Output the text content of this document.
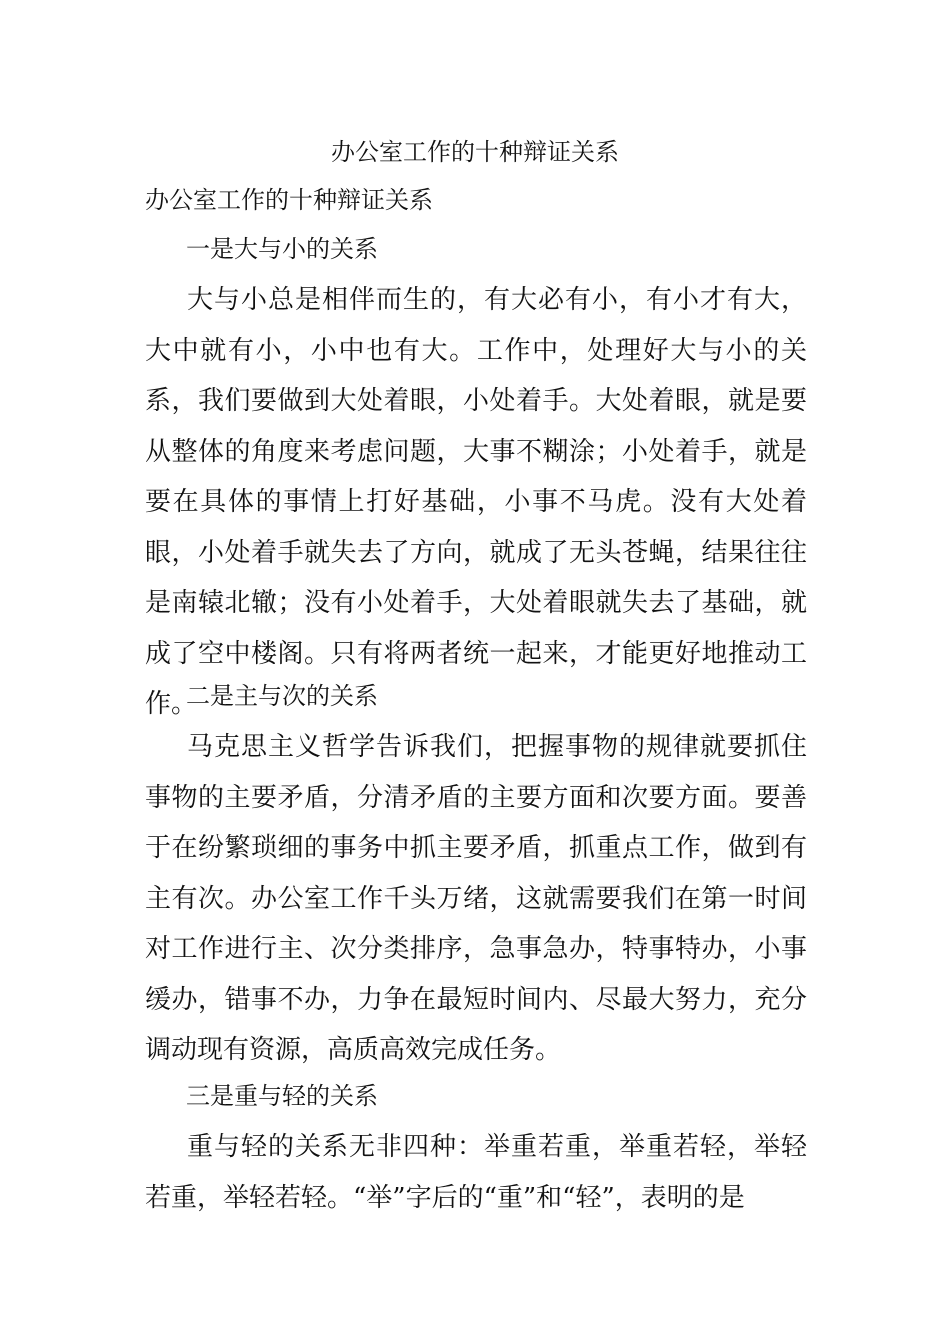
办公室工作的十种辩证关系
办公室工作的十种辩证关系
一是大与小的关系

大与小总是相伴而生的，有大必有小，有小才有大，大中就有小，小中也有大。工作中，处理好大与小的关系，我们要做到大处着眼，小处着手。大处着眼，就是要从整体的角度来考虑问题，大事不糊涂；小处着手，就是要在具体的事情上打好基础，小事不马虎。没有大处着眼，小处着手就失去了方向，就成了无头苍蝇，结果往往是南辕北辙；没有小处着手，大处着眼就失去了基础，就成了空中楼阁。只有将两者统一起来，才能更好地推动工作。

二是主与次的关系

马克思主义哲学告诉我们，把握事物的规律就要抓住事物的主要矛盾，分清矛盾的主要方面和次要方面。要善于在纷繁琐细的事务中抓主要矛盾，抓重点工作，做到有主有次。办公室工作千头万绪，这就需要我们在第一时间对工作进行主、次分类排序，急事急办，特事特办，小事缓办，错事不办，力争在最短时间内、尽最大努力，充分调动现有资源，高质高效完成任务。

三是重与轻的关系

重与轻的关系无非四种：举重若重，举重若轻，举轻若重，举轻若轻。“举”字后的“重”和“轻”，表明的是
